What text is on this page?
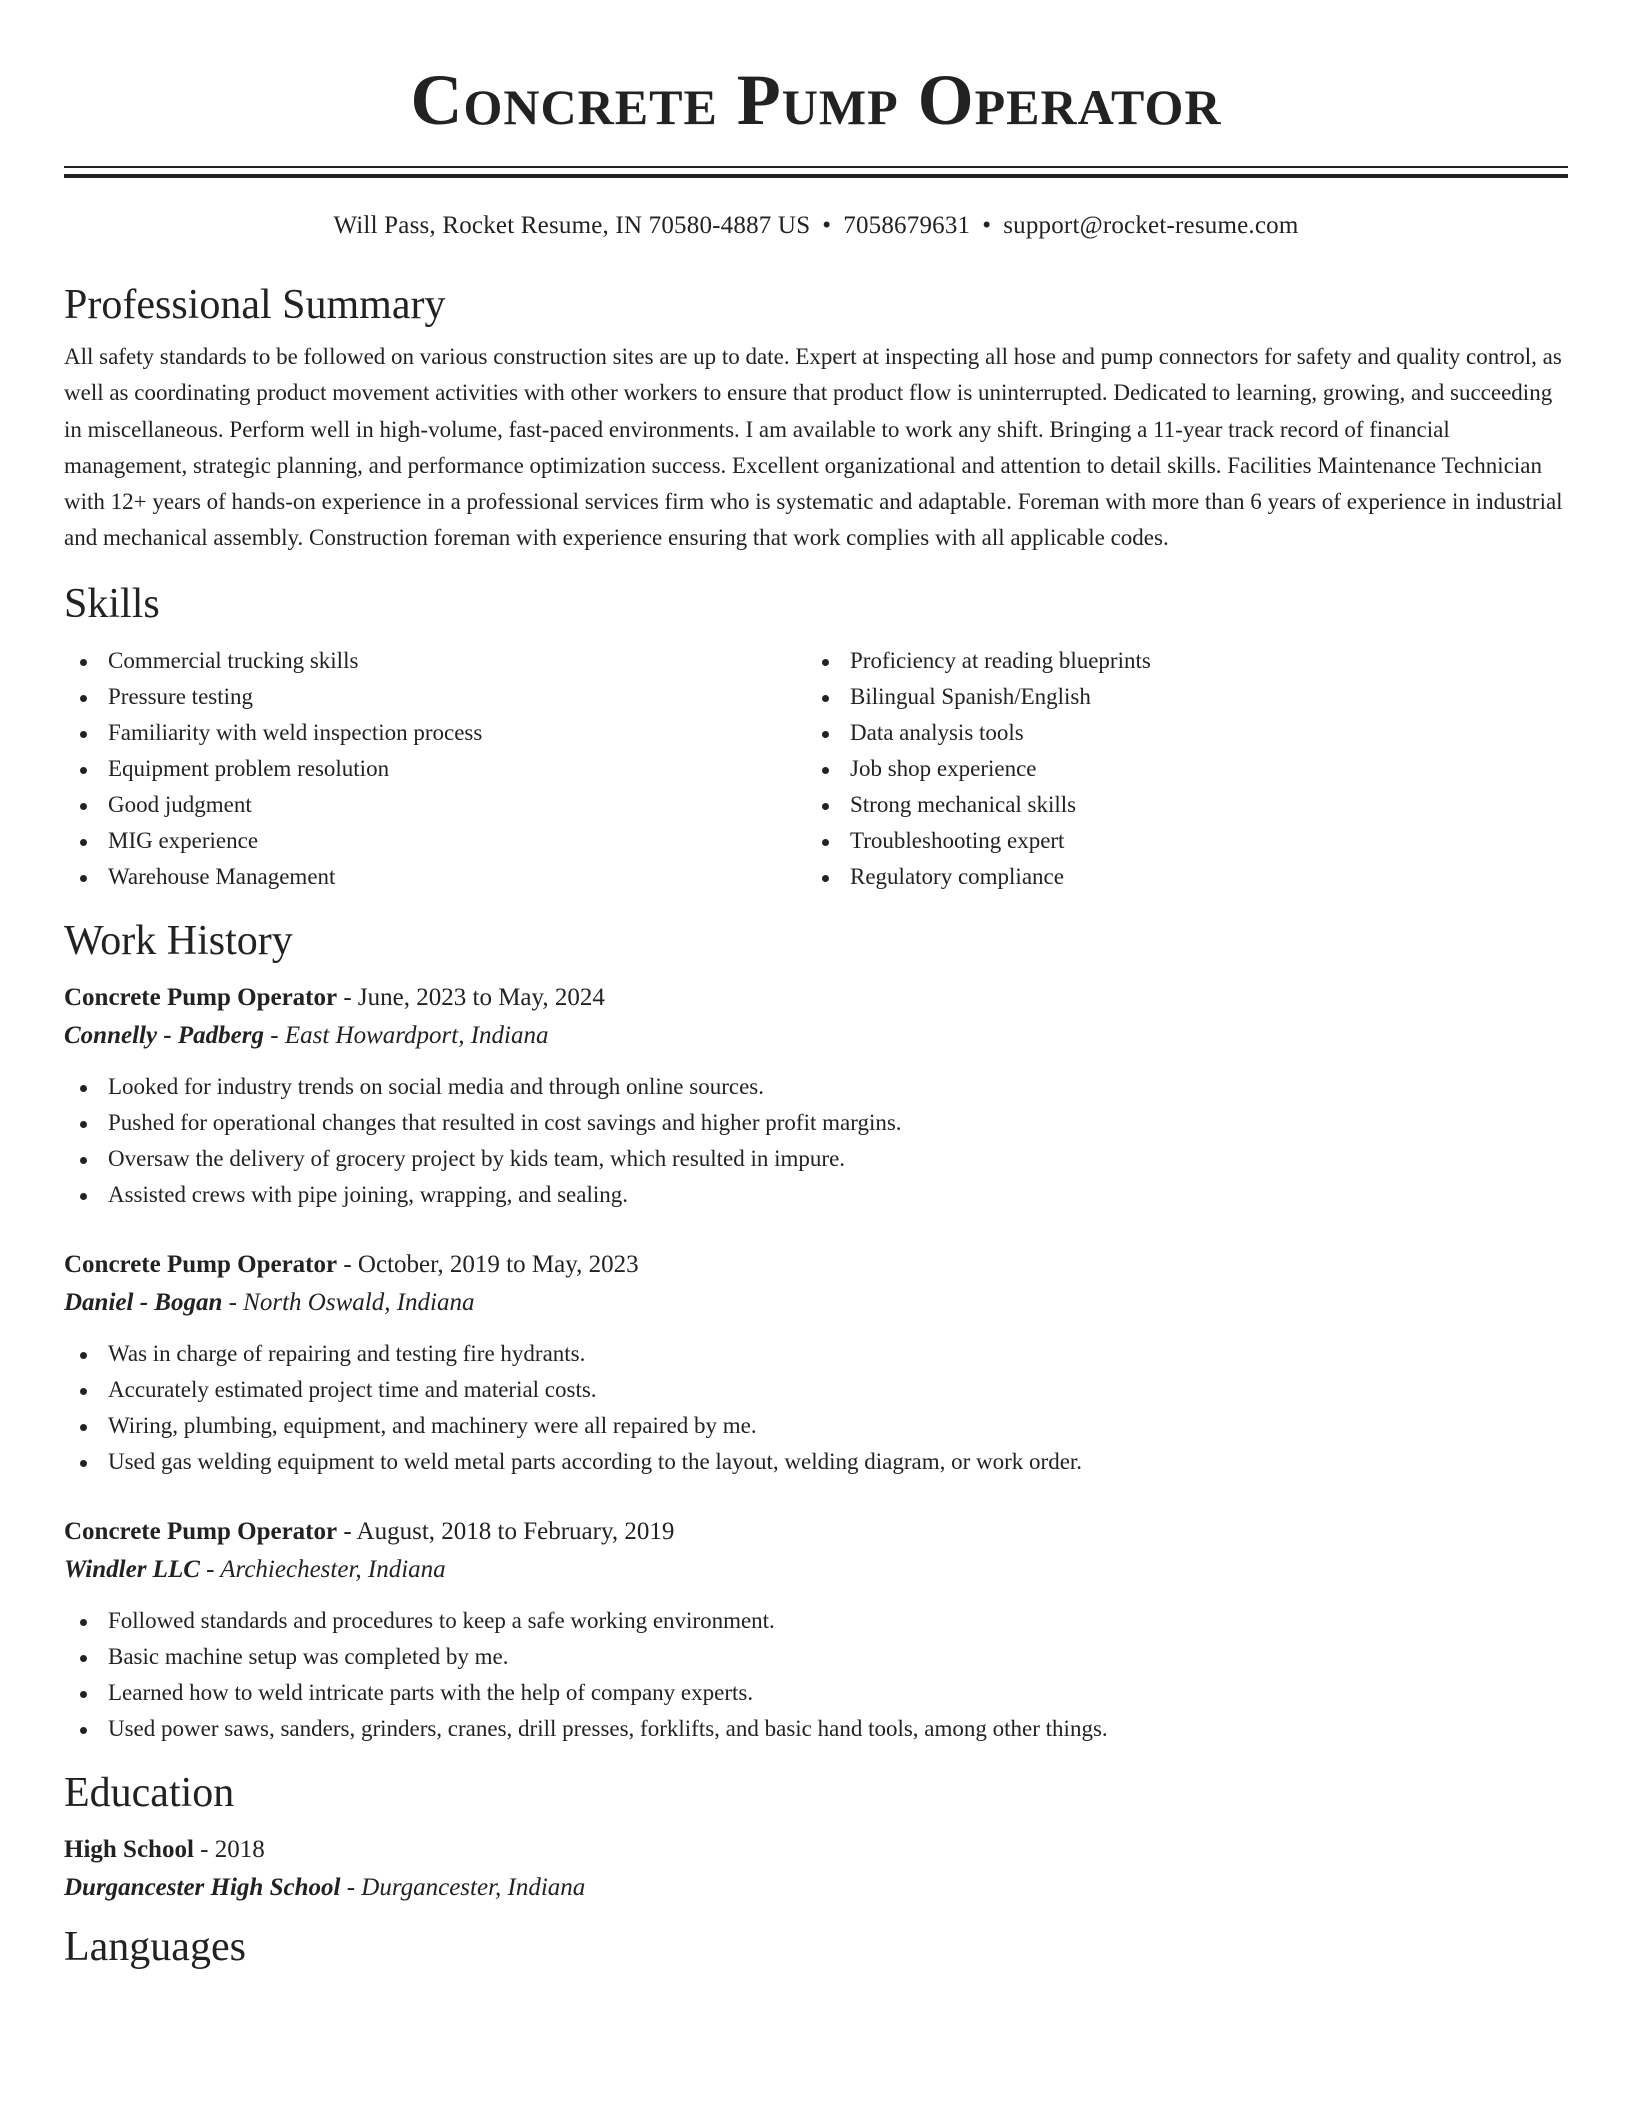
Concrete Pump Operator
Will Pass, Rocket Resume, IN 70580-4887 US • 7058679631 • support@rocket-resume.com
Professional Summary

All safety standards to be followed on various construction sites are up to date. Expert at inspecting all hose and pump connectors for safety and quality control, as well as coordinating product movement activities with other workers to ensure that product flow is uninterrupted. Dedicated to learning, growing, and succeeding in miscellaneous. Perform well in high-volume, fast-paced environments. I am available to work any shift. Bringing a 11-year track record of financial management, strategic planning, and performance optimization success. Excellent organizational and attention to detail skills. Facilities Maintenance Technician with 12+ years of hands-on experience in a professional services firm who is systematic and adaptable. Foreman with more than 6 years of experience in industrial and mechanical assembly. Construction foreman with experience ensuring that work complies with all applicable codes.

Skills
Commercial trucking skills
Pressure testing
Familiarity with weld inspection process
Equipment problem resolution
Good judgment
MIG experience
Warehouse Management
Proficiency at reading blueprints
Bilingual Spanish/English
Data analysis tools
Job shop experience
Strong mechanical skills
Troubleshooting expert
Regulatory compliance
Work History
Concrete Pump Operator - June, 2023 to May, 2024
Connelly - Padberg - East Howardport, Indiana
Looked for industry trends on social media and through online sources.
Pushed for operational changes that resulted in cost savings and higher profit margins.
Oversaw the delivery of grocery project by kids team, which resulted in impure.
Assisted crews with pipe joining, wrapping, and sealing.
Concrete Pump Operator - October, 2019 to May, 2023
Daniel - Bogan - North Oswald, Indiana
Was in charge of repairing and testing fire hydrants.
Accurately estimated project time and material costs.
Wiring, plumbing, equipment, and machinery were all repaired by me.
Used gas welding equipment to weld metal parts according to the layout, welding diagram, or work order.
Concrete Pump Operator - August, 2018 to February, 2019
Windler LLC - Archiechester, Indiana
Followed standards and procedures to keep a safe working environment.
Basic machine setup was completed by me.
Learned how to weld intricate parts with the help of company experts.
Used power saws, sanders, grinders, cranes, drill presses, forklifts, and basic hand tools, among other things.
Education
High School - 2018
Durgancester High School - Durgancester, Indiana
Languages
